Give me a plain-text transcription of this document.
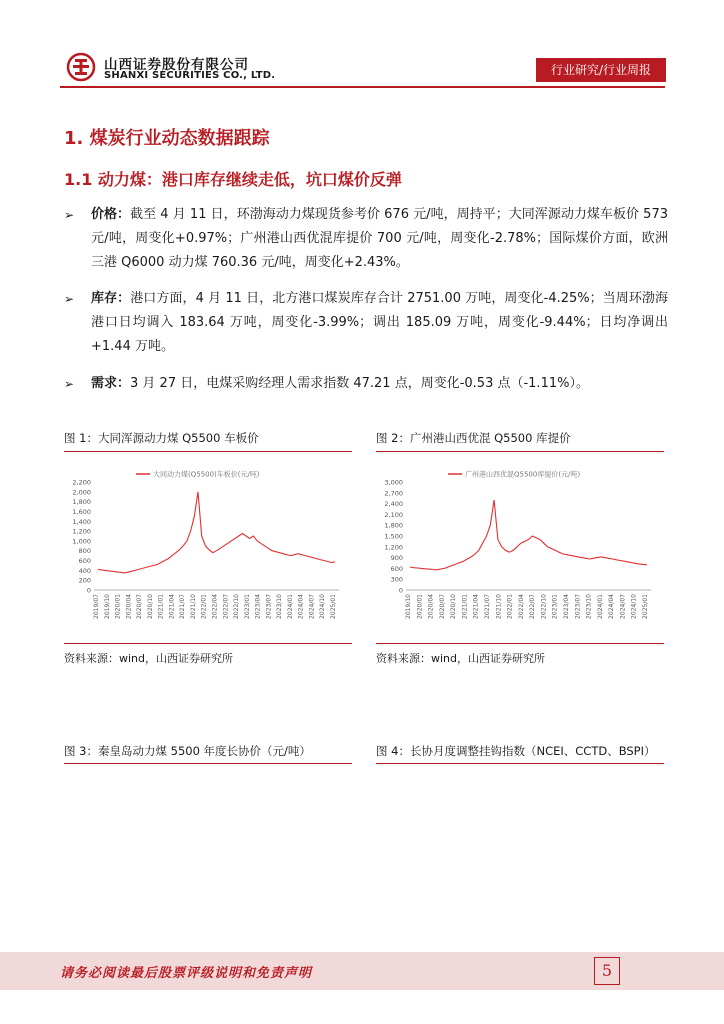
山西证券股份有限公司
SHANXI SECURITIES CO., LTD.	行业研究/行业周报
1. 煤炭行业动态数据跟踪
1.1 动力煤：港口库存继续走低，坑口煤价反弹
➢ 价格：截至 4 月 11 日，环渤海动力煤现货参考价 676 元/吨，周持平；大同浑源动力煤车板价 573 元/吨，周变化+0.97%；广州港山西优混库提价 700 元/吨，周变化-2.78%；国际煤价方面，欧洲三港 Q6000 动力煤 760.36 元/吨，周变化+2.43%。
➢ 库存：港口方面，4 月 11 日，北方港口煤炭库存合计 2751.00 万吨，周变化-4.25%；当周环渤海港口日均调入 183.64 万吨，周变化-3.99%；调出 185.09 万吨，周变化-9.44%；日均净调出+1.44 万吨。
➢ 需求：3 月 27 日，电煤采购经理人需求指数 47.21 点，周变化-0.53 点（-1.11%）。
图 1：大同浑源动力煤 Q5500 车板价	图 2：广州港山西优混 Q5500 库提价
0
200
400
600
800
1,000
1,200
1,400
1,600
1,800
2,000
2,200
2019/07 2019/10 2020/01 2020/04 2020/07 2020/10 2021/01 2021/04 2021/07 2021/10 2022/01 2022/04 2022/07 2022/10 2023/01 2023/04 2023/07 2023/10 2024/01 2024/04 2024/07 2024/10 2025/01
大同动力煤(Q5500)车板价(元/吨)
0
300
600
900
1,200
1,500
1,800
2,100
2,400
2,700
3,000
2019/10 2020/01 2020/04 2020/07 2020/10 2021/01 2021/04 2021/07 2021/10 2022/01 2022/04 2022/07 2022/10 2023/01 2023/04 2023/07 2023/10 2024/01 2024/04 2024/07 2024/10 2025/01
广州港山西优混Q5500库提价(元/吨)
资料来源：wind，山西证券研究所	资料来源：wind，山西证券研究所
图 3：秦皇岛动力煤 5500 年度长协价（元/吨）	图 4：长协月度调整挂钩指数（NCEI、CCTD、BSPI）
请务必阅读最后股票评级说明和免责声明	5
